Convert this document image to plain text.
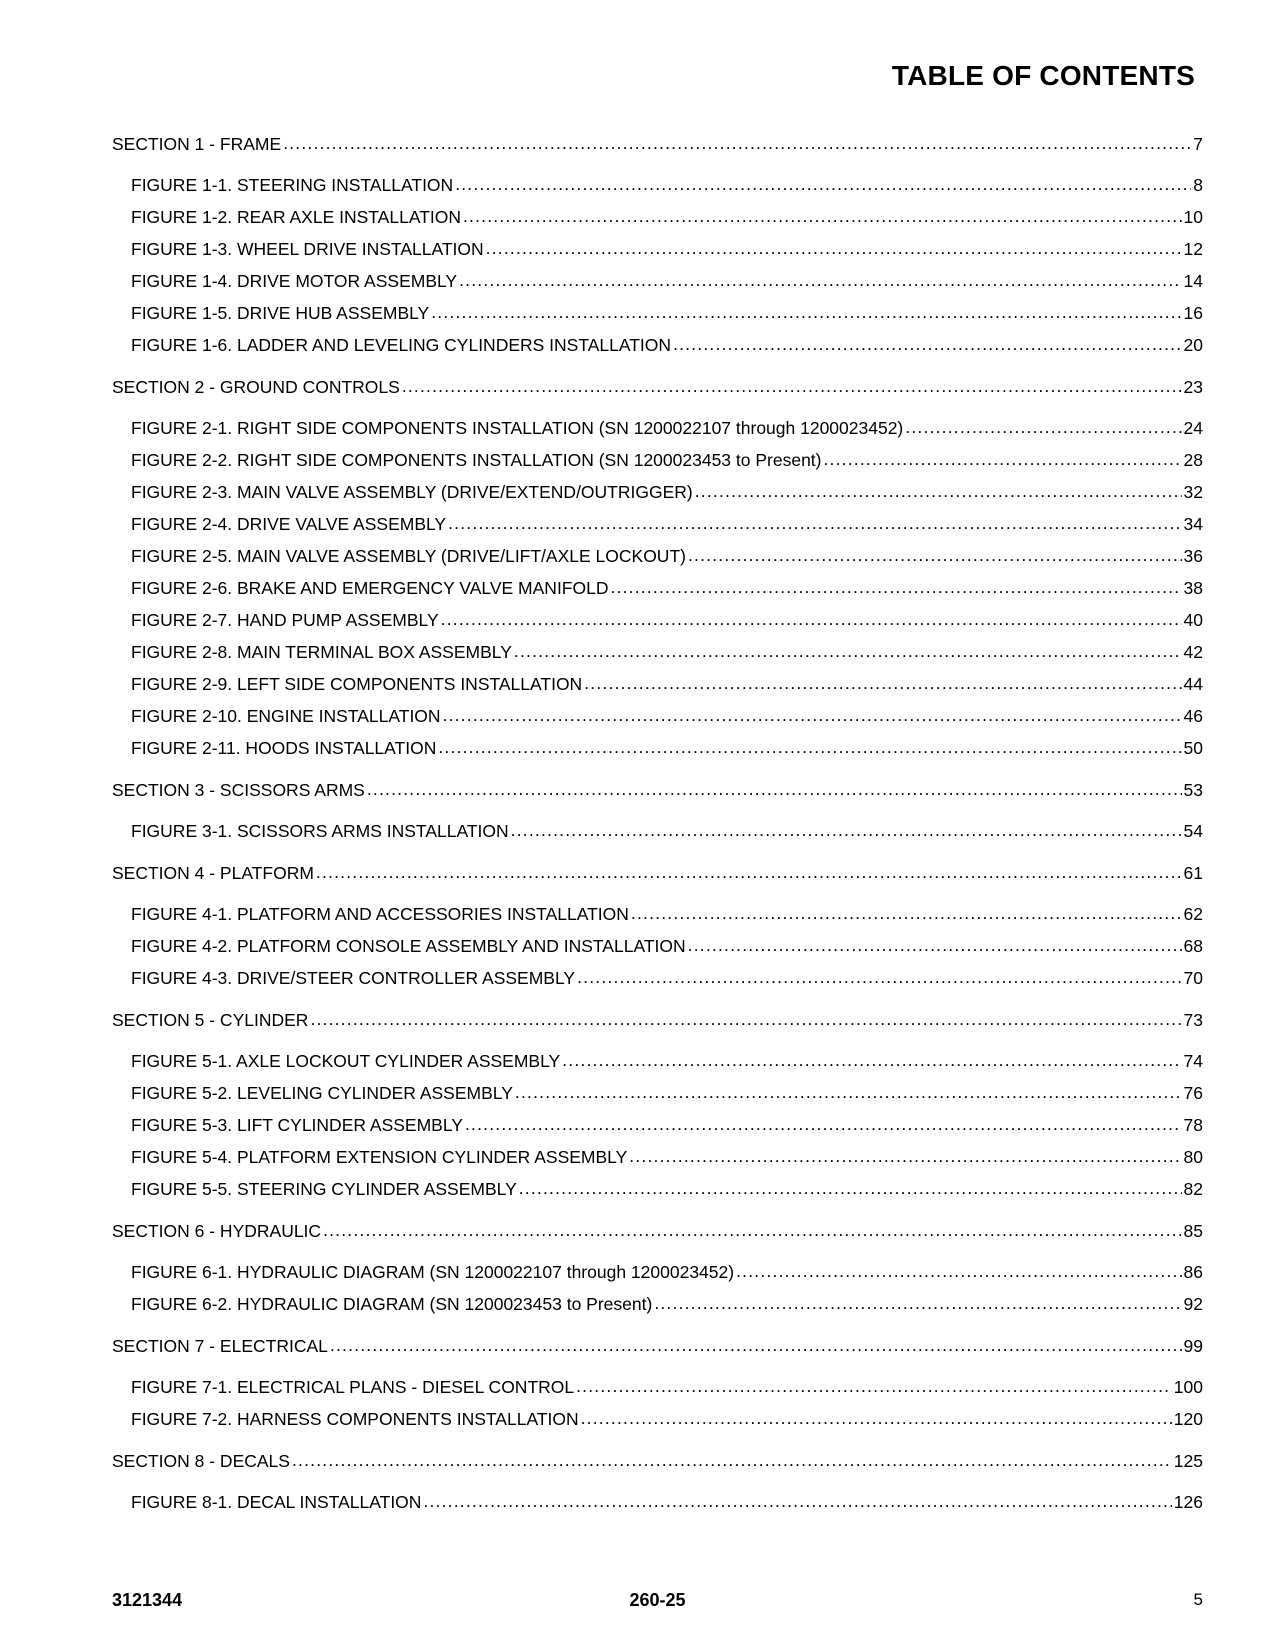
TABLE OF CONTENTS
SECTION 1 - FRAME .....	7
FIGURE 1-1. STEERING INSTALLATION .....	8
FIGURE 1-2. REAR AXLE INSTALLATION .....	10
FIGURE 1-3. WHEEL DRIVE INSTALLATION .....	12
FIGURE 1-4. DRIVE MOTOR ASSEMBLY .....	14
FIGURE 1-5. DRIVE HUB ASSEMBLY .....	16
FIGURE 1-6. LADDER AND LEVELING CYLINDERS INSTALLATION .....	20
SECTION 2 - GROUND CONTROLS .....	23
FIGURE 2-1. RIGHT SIDE COMPONENTS INSTALLATION (SN 1200022107 through 1200023452) .....	24
FIGURE 2-2. RIGHT SIDE COMPONENTS INSTALLATION (SN 1200023453 to Present) .....	28
FIGURE 2-3. MAIN VALVE ASSEMBLY (DRIVE/EXTEND/OUTRIGGER) .....	32
FIGURE 2-4. DRIVE VALVE ASSEMBLY .....	34
FIGURE 2-5. MAIN VALVE ASSEMBLY (DRIVE/LIFT/AXLE LOCKOUT) .....	36
FIGURE 2-6. BRAKE AND EMERGENCY VALVE MANIFOLD .....	38
FIGURE 2-7. HAND PUMP ASSEMBLY .....	40
FIGURE 2-8. MAIN TERMINAL BOX ASSEMBLY .....	42
FIGURE 2-9. LEFT SIDE COMPONENTS INSTALLATION .....	44
FIGURE 2-10. ENGINE INSTALLATION .....	46
FIGURE 2-11. HOODS INSTALLATION .....	50
SECTION 3 - SCISSORS ARMS .....	53
FIGURE 3-1. SCISSORS ARMS INSTALLATION .....	54
SECTION 4 - PLATFORM .....	61
FIGURE 4-1. PLATFORM AND ACCESSORIES INSTALLATION .....	62
FIGURE 4-2. PLATFORM CONSOLE ASSEMBLY AND INSTALLATION .....	68
FIGURE 4-3. DRIVE/STEER CONTROLLER ASSEMBLY .....	70
SECTION 5 - CYLINDER .....	73
FIGURE 5-1. AXLE LOCKOUT CYLINDER ASSEMBLY .....	74
FIGURE 5-2. LEVELING CYLINDER ASSEMBLY .....	76
FIGURE 5-3. LIFT CYLINDER ASSEMBLY .....	78
FIGURE 5-4. PLATFORM EXTENSION CYLINDER ASSEMBLY .....	80
FIGURE 5-5. STEERING CYLINDER ASSEMBLY .....	82
SECTION 6 - HYDRAULIC .....	85
FIGURE 6-1. HYDRAULIC DIAGRAM (SN 1200022107 through 1200023452) .....	86
FIGURE 6-2. HYDRAULIC DIAGRAM (SN 1200023453 to Present) .....	92
SECTION 7 - ELECTRICAL .....	99
FIGURE 7-1. ELECTRICAL PLANS - DIESEL CONTROL .....	100
FIGURE 7-2. HARNESS COMPONENTS INSTALLATION .....	120
SECTION 8 - DECALS .....	125
FIGURE 8-1. DECAL INSTALLATION .....	126
3121344	260-25	5
